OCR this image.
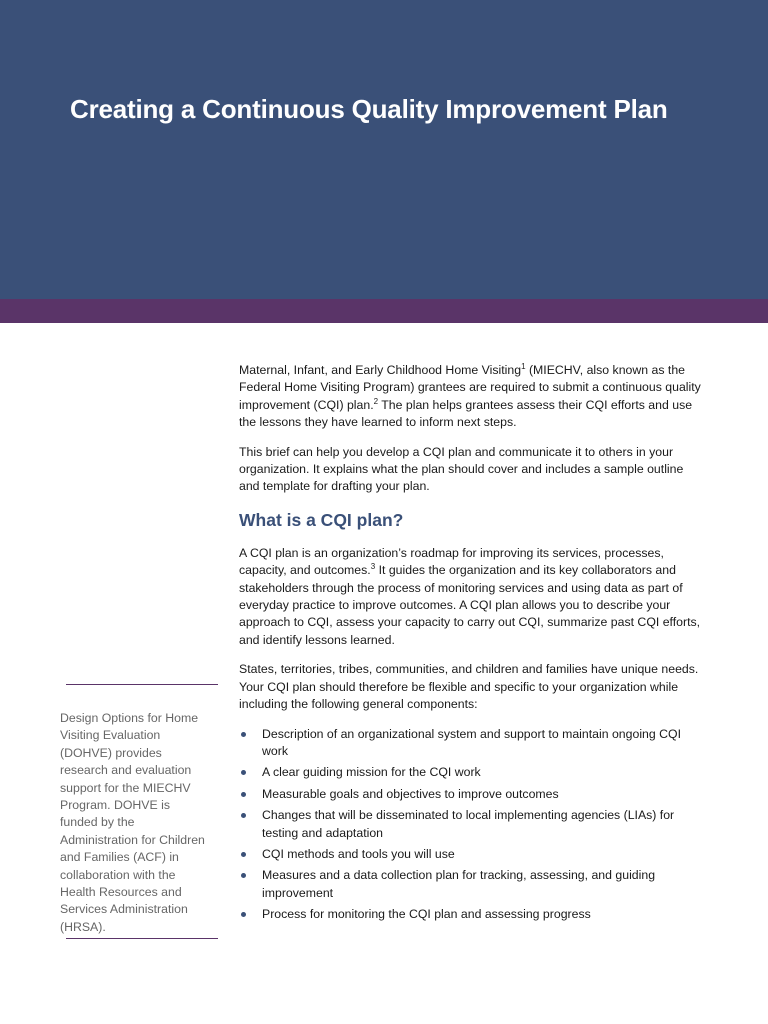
Creating a Continuous Quality Improvement Plan

Maternal, Infant, and Early Childhood Home Visiting$^1$ (MIECHV, also known as the Federal Home Visiting Program) grantees are required to submit a continuous quality improvement (CQI) plan.$^2$ The plan helps grantees assess their CQI efforts and use the lessons they have learned to inform next steps.

This brief can help you develop a CQI plan and communicate it to others in your organization. It explains what the plan should cover and includes a sample outline and template for drafting your plan.

What is a CQI plan?

A CQI plan is an organization’s roadmap for improving its services, processes, capacity, and outcomes.$^3$ It guides the organization and its key collaborators and stakeholders through the process of monitoring services and using data as part of everyday practice to improve outcomes. A CQI plan allows you to describe your approach to CQI, assess your capacity to carry out CQI, summarize past CQI efforts, and identify lessons learned.

States, territories, tribes, communities, and children and families have unique needs. Your CQI plan should therefore be flexible and specific to your organization while including the following general components:

Description of an organizational system and support to maintain ongoing CQI work
A clear guiding mission for the CQI work
Measurable goals and objectives to improve outcomes
Changes that will be disseminated to local implementing agencies (LIAs) for testing and adaptation
CQI methods and tools you will use
Measures and a data collection plan for tracking, assessing, and guiding improvement
Process for monitoring the CQI plan and assessing progress

Design Options for Home Visiting Evaluation (DOHVE) provides research and evaluation support for the MIECHV Program. DOHVE is funded by the Administration for Children and Families (ACF) in collaboration with the Health Resources and Services Administration (HRSA).
